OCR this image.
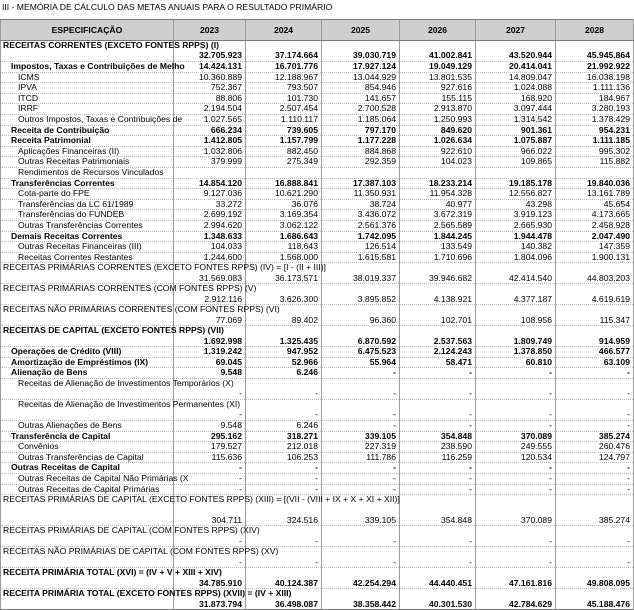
III - MEMÓRIA DE CÁLCULO DAS METAS ANUAIS PARA O RESULTADO PRIMÁRIO
ESPECIFICAÇÃO	2023	2024	2025	2026	2027	2028
RECEITAS CORRENTES (EXCETO FONTES RPPS) (I)	32.705.923	37.174.664	39.030.719	41.002.841	43.520.944	45.945.864
Impostos, Taxas e Contribuições de Melho	14.424.131	16.701.776	17.927.124	19.049.129	20.414.041	21.992.922
ICMS	10.360.889	12.188.967	13.044.929	13.801.535	14.809.047	16.038.198
IPVA	752.367	793.507	854.946	927.616	1.024.088	1.111.136
ITCD	88.806	101.730	141.657	155.115	168.920	184.967
IRRF	2.194.504	2.507.454	2.700.528	2.913.870	3.097.444	3.280.193
Outros Impostos, Taxas e Contribuições de	1.027.565	1.110.117	1.185.064	1.250.993	1.314.542	1.378.429
Receita de Contribuição	666.234	739.605	797.170	849.620	901.361	954.231
Receita Patrimonial	1.412.805	1.157.799	1.177.228	1.026.634	1.075.887	1.111.185
Aplicações Financeiras (II)	1.032.806	882.450	884.868	922.610	966.022	995.302
Outras Receitas Patrimoniais	379.999	275.349	292.359	104.023	109.865	115.882
Rendimentos de Recursos Vinculados						
Transferências Correntes	14.854.120	16.888.841	17.387.103	18.233.214	19.185.178	19.840.036
Cota-parte do FPE	9.127.036	10.621.290	11.350.931	11.954.328	12.556.827	13.161.789
Transferências da LC 61/1989	33.272	36.076	38.724	40.977	43.298	45.654
Transferências do FUNDEB	2.699.192	3.169.354	3.436.072	3.672.319	3.919.123	4.173.665
Outras Transferências Correntes	2.994.620	3.062.122	2.561.376	2.565.589	2.665.930	2.458.928
Demais Receitas Correntes	1.348.633	1.686.643	1.742.095	1.844.245	1.944.478	2.047.490
Outras Receitas Financeiras (III)	104.033	118.643	126.514	133.549	140.382	147.359
Receitas Correntes Restantes	1.244.600	1.568.000	1.615.581	1.710.696	1.804.096	1.900.131
RECEITAS PRIMÁRIAS CORRENTES (EXCETO FONTES RPPS) (IV) = [I - (II + III)]	31.569.083	36.173.571	38.019.337	39.946.682	42.414.540	44.803.203
RECEITAS PRIMÁRIAS CORRENTES (COM FONTES RPPS) (V)	2.912.116	3.626.300	3.895.852	4.138.921	4.377.187	4.619.619
RECEITAS NÃO PRIMÁRIAS CORRENTES (COM FONTES RPPS) (VI)	77.069	89.402	96.360	102.701	108.956	115.347
RECEITAS DE CAPITAL (EXCETO FONTES RPPS) (VII)	1.692.998	1.325.435	6.870.592	2.537.563	1.809.749	914.959
Operações de Crédito (VIII)	1.319.242	947.952	6.475.523	2.124.243	1.378.850	466.577
Amortização de Empréstimos (IX)	69.045	52.966	55.964	58.471	60.810	63.109
Alienação de Bens	9.548	6.246	-	-	-	-
Receitas de Alienação de Investimentos Temporários (X)	-	-	-	-	-	-
Receitas de Alienação de Investimentos Permanentes (XI)	-	-	-	-	-	-
Outras Alienações de Bens	9.548	6.246	-	-	-	-
Transferência de Capital	295.162	318.271	339.105	354.848	370.089	385.274
Convênios	179.527	212.018	227.319	238.590	249.555	260.476
Outras Transferências de Capital	115.636	106.253	111.786	116.259	120.534	124.797
Outras Receitas de Capital	-	-	-	-	-	-
Outras Receitas de Capital Não Primárias (X	-	-	-	-	-	-
Outras Receitas de Capital Primárias	-	-	-	-	-	-
RECEITAS PRIMÁRIAS DE CAPITAL (EXCETO FONTES RPPS) (XIII) = [(VII - (VIII + IX + X + XI + XII)]	304.711	324.516	339.105	354.848	370.089	385.274
RECEITAS PRIMÁRIAS DE CAPITAL (COM FONTES RPPS) (XIV)	-	-	-	-	-	-
RECEITAS NÃO PRIMÁRIAS DE CAPITAL (COM FONTES RPPS) (XV)	-	-	-	-	-	-
RECEITA PRIMÁRIA TOTAL (XVI) = (IV + V + XIII + XIV)	34.785.910	40.124.387	42.254.294	44.440.451	47.161.816	49.808.095
RECEITA PRIMÁRIA TOTAL (EXCETO FONTES RPPS) (XVII) = (IV + XIII)	31.873.794	36.498.087	38.358.442	40.301.530	42.784.629	45.188.476
